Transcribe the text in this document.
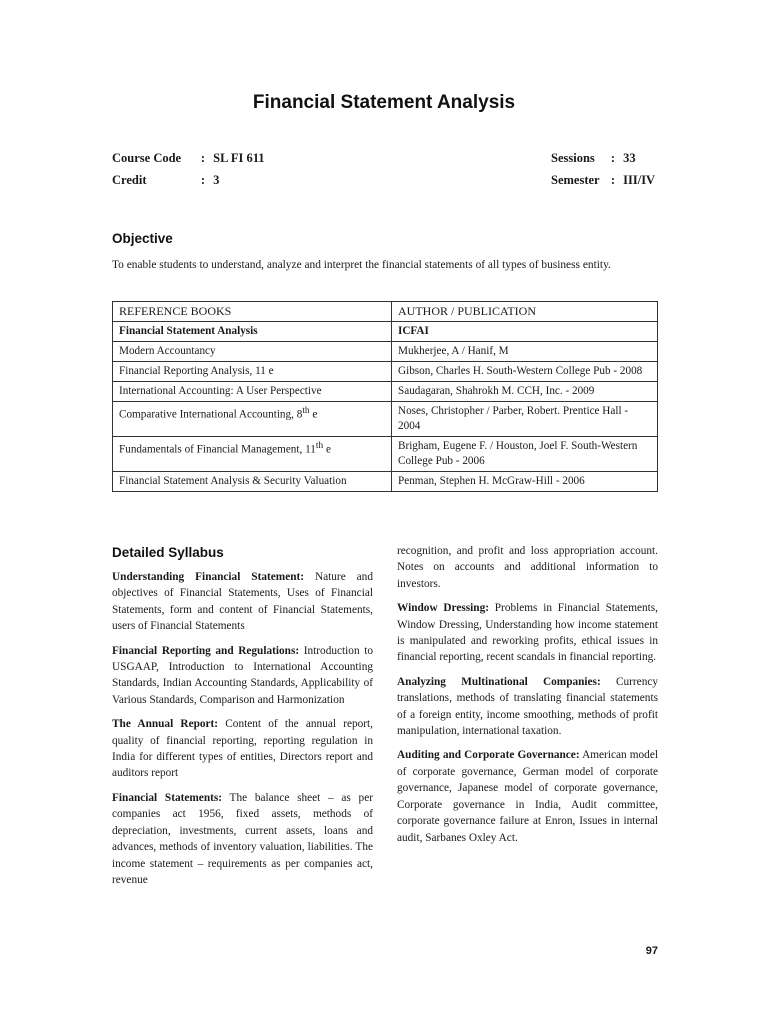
Financial Statement Analysis
Course Code : SL FI 611
Credit	: 3
Sessions : 33
Semester : III/IV
Objective
To enable students to understand, analyze and interpret the financial statements of all types of business entity.
REFERENCE BOOKS	AUTHOR / PUBLICATION
Financial Statement Analysis	ICFAI
Modern Accountancy	Mukherjee, A / Hanif, M
Financial Reporting Analysis, 11 e	Gibson, Charles H. South-Western College Pub - 2008
International Accounting: A User Perspective	Saudagaran, Shahrokh M. CCH, Inc. - 2009
Comparative International Accounting, 8th e	Noses, Christopher / Parber, Robert. Prentice Hall - 2004
Fundamentals of Financial Management, 11th e	Brigham, Eugene F. / Houston, Joel F. South-Western College Pub - 2006
Financial Statement Analysis & Security Valuation	Penman, Stephen H. McGraw-Hill - 2006
Detailed Syllabus

Understanding Financial Statement: Nature and objectives of Financial Statements, Uses of Financial Statements, form and content of Financial Statements, users of Financial Statements

Financial Reporting and Regulations: Introduction to USGAAP, Introduction to International Accounting Standards, Indian Accounting Standards, Applicability of Various Standards, Comparison and Harmonization

The Annual Report: Content of the annual report, quality of financial reporting, reporting regulation in India for different types of entities, Directors report and auditors report

Financial Statements: The balance sheet – as per companies act 1956, fixed assets, methods of depreciation, investments, current assets, loans and advances, methods of inventory valuation, liabilities. The income statement – requirements as per companies act, revenue

recognition, and profit and loss appropriation account. Notes on accounts and additional information to investors.

Window Dressing: Problems in Financial Statements, Window Dressing, Understanding how income statement is manipulated and reworking profits, ethical issues in financial reporting, recent scandals in financial reporting.

Analyzing Multinational Companies: Currency translations, methods of translating financial statements of a foreign entity, income smoothing, methods of profit manipulation, international taxation.

Auditing and Corporate Governance: American model of corporate governance, German model of corporate governance, Japanese model of corporate governance, Corporate governance in India, Audit committee, corporate governance failure at Enron, Issues in internal audit, Sarbanes Oxley Act.

97
